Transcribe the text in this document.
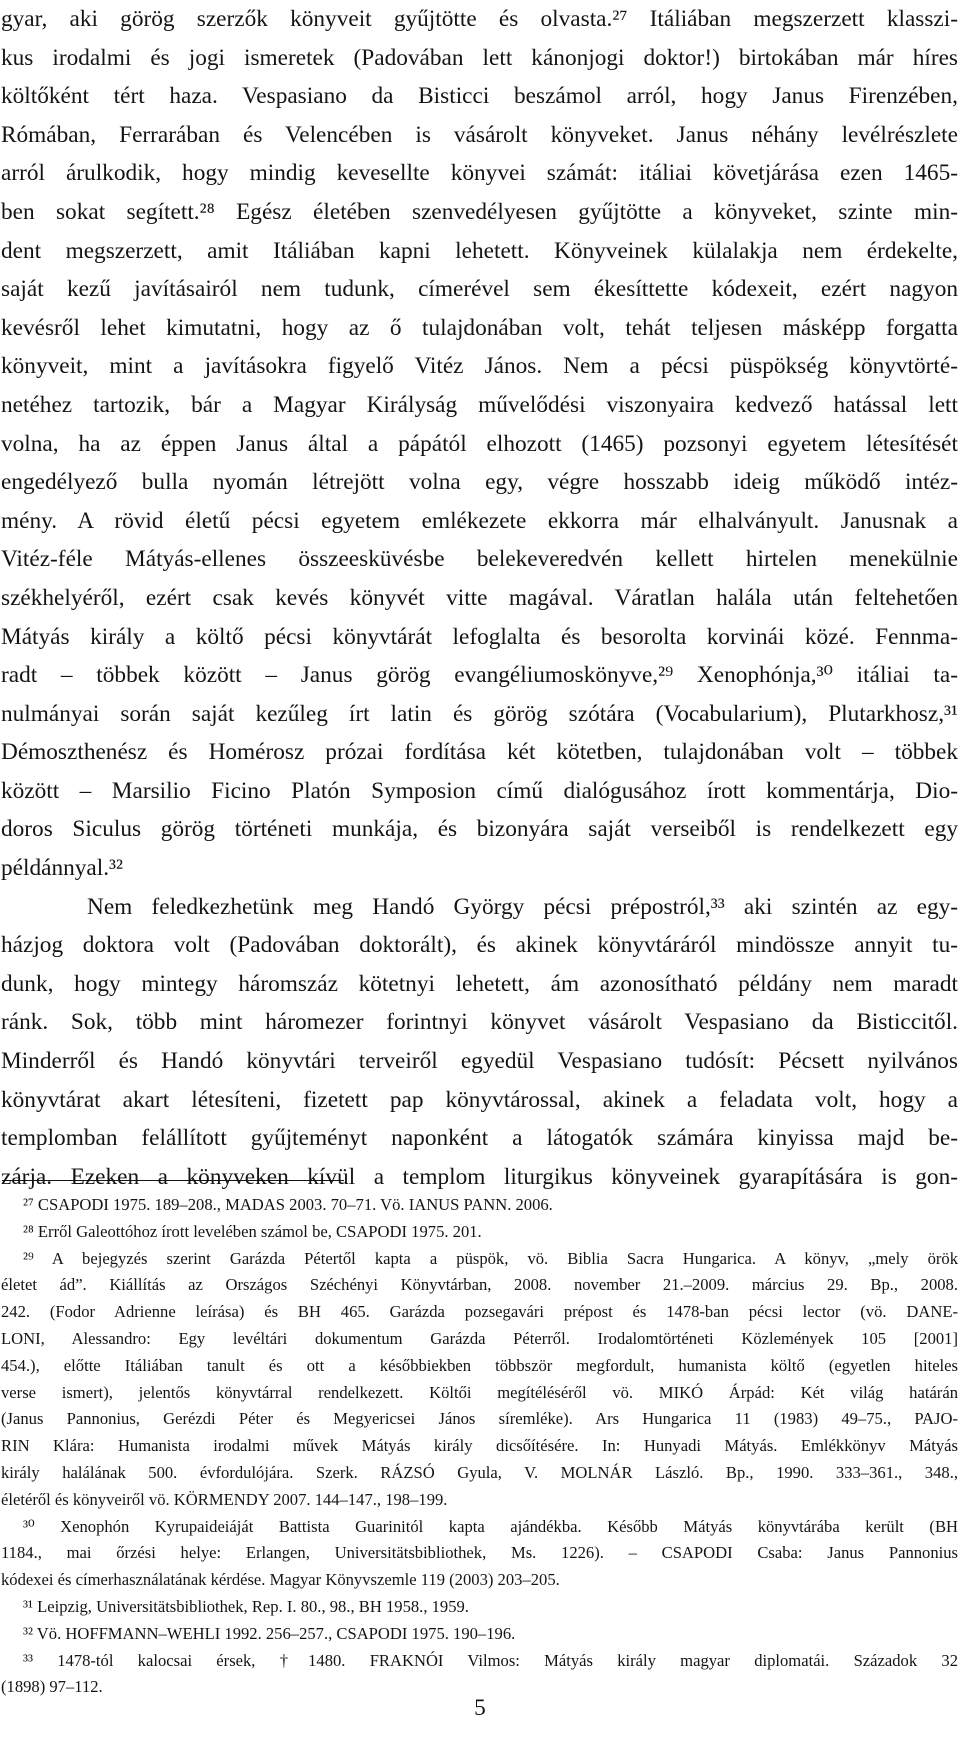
gyar, aki görög szerzők könyveit gyűjtötte és olvasta.²⁷ Itáliában megszerzett klasszi-
kus irodalmi és jogi ismeretek (Padovában lett kánonjogi doktor!) birtokában már híres
költőként tért haza. Vespasiano da Bisticci beszámol arról, hogy Janus Firenzében,
Rómában, Ferrarában és Velencében is vásárolt könyveket. Janus néhány levélrészlete
arról árulkodik, hogy mindig kevesellte könyvei számát: itáliai követjárása ezen 1465-
ben sokat segített.²⁸ Egész életében szenvedélyesen gyűjtötte a könyveket, szinte min-
dent megszerzett, amit Itáliában kapni lehetett. Könyveinek külalakja nem érdekelte,
saját kezű javításairól nem tudunk, címerével sem ékesíttette kódexeit, ezért nagyon
kevésről lehet kimutatni, hogy az ő tulajdonában volt, tehát teljesen másképp forgatta
könyveit, mint a javításokra figyelő Vitéz János. Nem a pécsi püspökség könyvtörté-
netéhez tartozik, bár a Magyar Királyság művelődési viszonyaira kedvező hatással lett
volna, ha az éppen Janus által a pápától elhozott (1465) pozsonyi egyetem létesítését
engedélyező bulla nyomán létrejött volna egy, végre hosszabb ideig működő intéz-
mény. A rövid életű pécsi egyetem emlékezete ekkorra már elhalványult. Janusnak a
Vitéz-féle Mátyás-ellenes összeesküvésbe belekeveredvén kellett hirtelen menekülnie
székhelyéről, ezért csak kevés könyvét vitte magával. Váratlan halála után feltehetően
Mátyás király a költő pécsi könyvtárát lefoglalta és besorolta korvinái közé. Fennma-
radt – többek között – Janus görög evangéliumoskönyve,²⁹ Xenophónja,³⁰ itáliai ta-
nulmányai során saját kezűleg írt latin és görög szótára (Vocabularium), Plutarkhosz,³¹
Démoszthenész és Homérosz prózai fordítása két kötetben, tulajdonában volt – többek
között – Marsilio Ficino Platón Symposion című dialógusához írott kommentárja, Dio-
doros Siculus görög történeti munkája, és bizonyára saját verseiből is rendelkezett egy
példánnyal.³²
Nem feledkezhetünk meg Handó György pécsi prépostról,³³ aki szintén az egy-
házjog doktora volt (Padovában doktorált), és akinek könyvtáráról mindössze annyit tu-
dunk, hogy mintegy háromszáz kötetnyi lehetett, ám azonosítható példány nem maradt
ránk. Sok, több mint háromezer forintnyi könyvet vásárolt Vespasiano da Bisticcitől.
Minderről és Handó könyvtári terveiről egyedül Vespasiano tudósít: Pécsett nyilvános
könyvtárat akart létesíteni, fizetett pap könyvtárossal, akinek a feladata volt, hogy a
templomban felállított gyűjteményt naponként a látogatók számára kinyissa majd be-
zárja. Ezeken a könyveken kívül a templom liturgikus könyveinek gyarapítására is gon-
²⁷ CSAPODI 1975. 189–208., MADAS 2003. 70–71. Vö. IANUS PANN. 2006.
²⁸ Erről Galeottóhoz írott levelében számol be, CSAPODI 1975. 201.
²⁹ A bejegyzés szerint Garázda Pétertől kapta a püspök, vö. Biblia Sacra Hungarica. A könyv, „mely örök
életet ád”. Kiállítás az Országos Széchényi Könyvtárban, 2008. november 21.–2009. március 29. Bp., 2008.
242. (Fodor Adrienne leírása) és BH 465. Garázda pozsegavári prépost és 1478-ban pécsi lector (vö. DANE-
LONI, Alessandro: Egy levéltári dokumentum Garázda Péterről. Irodalomtörténeti Közlemények 105 [2001]
454.), előtte Itáliában tanult és ott a későbbiekben többször megfordult, humanista költő (egyetlen hiteles
verse ismert), jelentős könyvtárral rendelkezett. Költői megítéléséről vö. MIKÓ Árpád: Két világ határán
(Janus Pannonius, Gerézdi Péter és Megyericsei János síremléke). Ars Hungarica 11 (1983) 49–75., PAJO-
RIN Klára: Humanista irodalmi művek Mátyás király dicsőítésére. In: Hunyadi Mátyás. Emlékkönyv Mátyás
király halálának 500. évfordulójára. Szerk. RÁZSÓ Gyula, V. MOLNÁR László. Bp., 1990. 333–361., 348.,
életéről és könyveiről vö. KÖRMENDY 2007. 144–147., 198–199.
³⁰ Xenophón Kyrupaideiáját Battista Guarinitól kapta ajándékba. Később Mátyás könyvtárába került (BH
1184., mai őrzési helye: Erlangen, Universitätsbibliothek, Ms. 1226). – CSAPODI Csaba: Janus Pannonius
kódexei és címerhasználatának kérdése. Magyar Könyvszemle 119 (2003) 203–205.
³¹ Leipzig, Universitätsbibliothek, Rep. I. 80., 98., BH 1958., 1959.
³² Vö. HOFFMANN–WEHLI 1992. 256–257., CSAPODI 1975. 190–196.
³³ 1478-tól kalocsai érsek, †1480. FRAKNÓI Vilmos: Mátyás király magyar diplomatái. Századok 32
(1898) 97–112.
5
